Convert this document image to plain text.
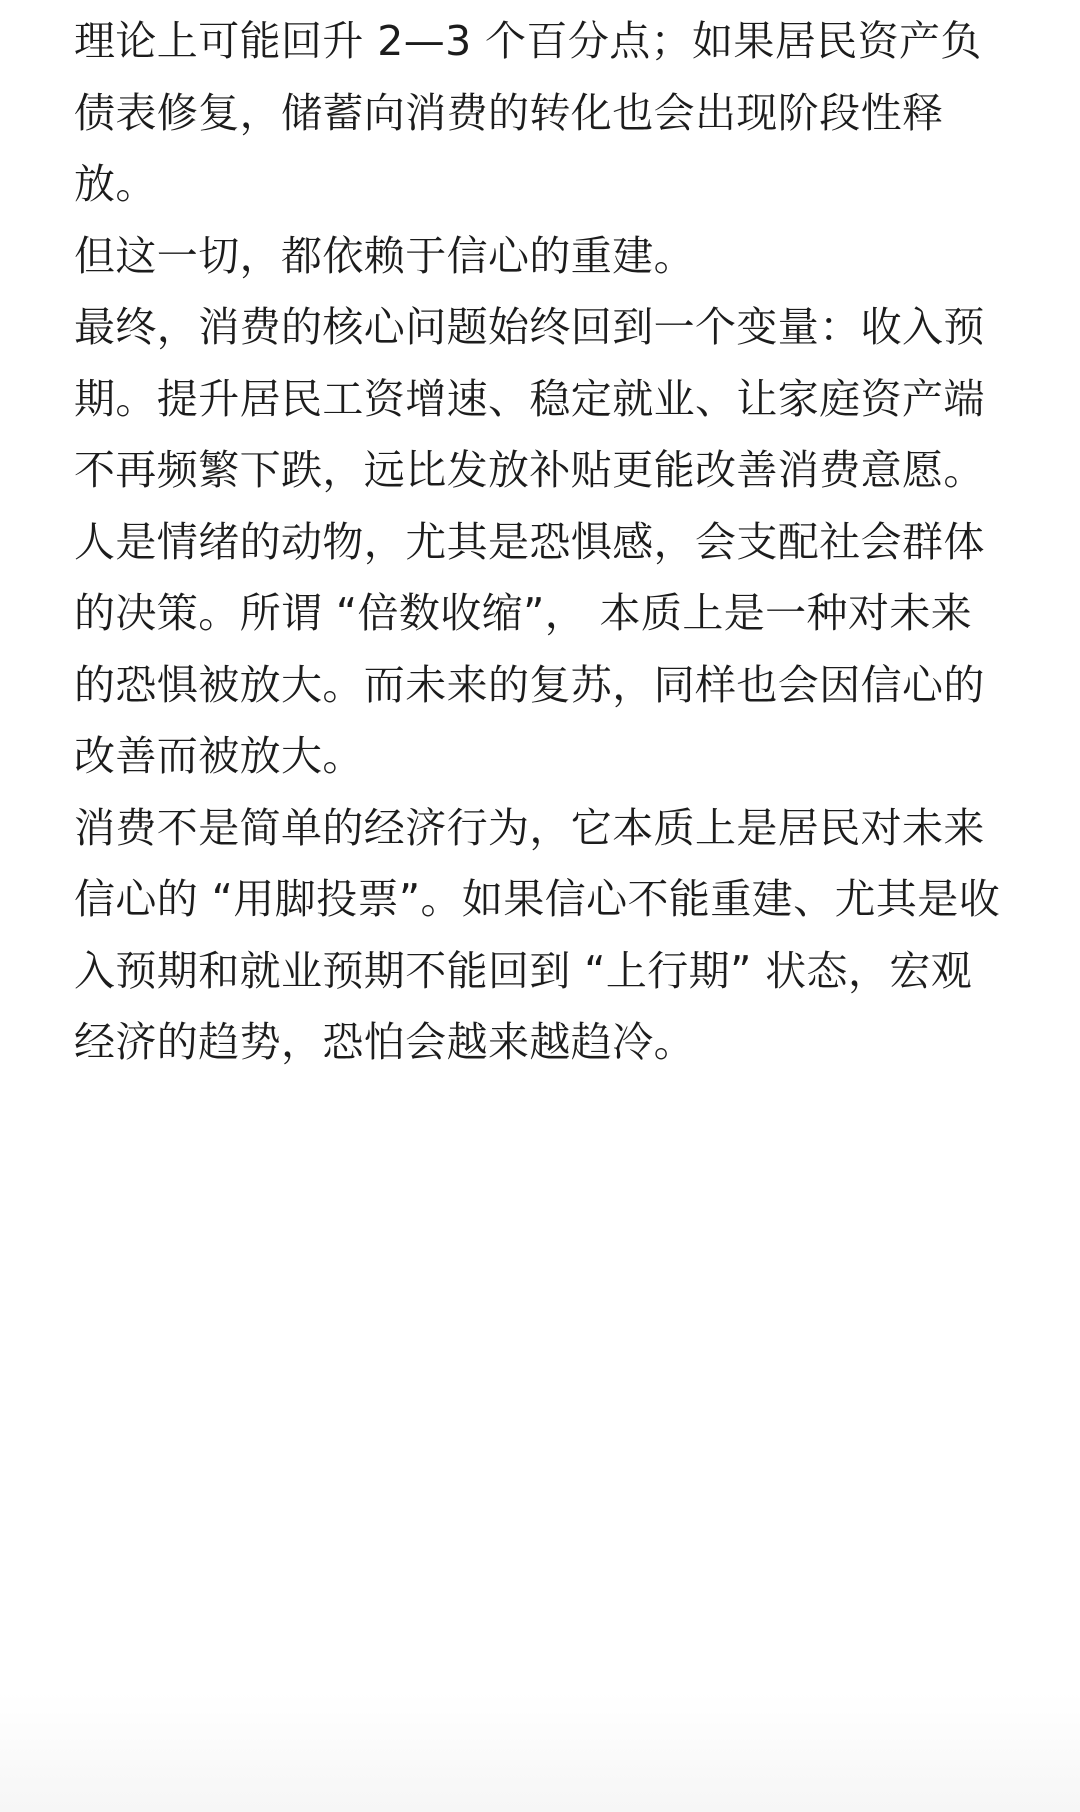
理论上可能回升 2—3 个百分点；如果居民资产负债表修复，储蓄向消费的转化也会出现阶段性释放。

但这一切，都依赖于信心的重建。

最终，消费的核心问题始终回到一个变量：收入预期。提升居民工资增速、稳定就业、让家庭资产端不再频繁下跌，远比发放补贴更能改善消费意愿。

人是情绪的动物，尤其是恐惧感，会支配社会群体的决策。所谓 “倍数收缩”， 本质上是一种对未来的恐惧被放大。而未来的复苏，同样也会因信心的改善而被放大。

消费不是简单的经济行为，它本质上是居民对未来信心的 “用脚投票”。如果信心不能重建、尤其是收入预期和就业预期不能回到 “上行期” 状态，宏观经济的趋势，恐怕会越来越趋冷。
